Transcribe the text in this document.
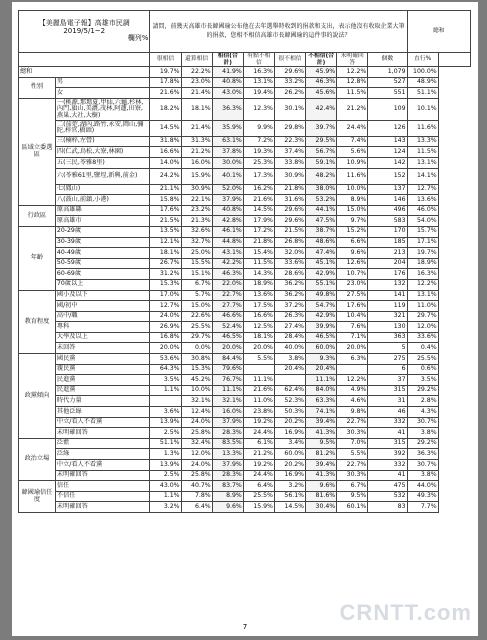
【美麗島電子報】高雄市民調
2019/5/1~2

欄列%		請問，前幾天高雄市長韓國瑜公布他在去年選舉時收到的捐款和支出，表示他沒有收取企業大筆的捐款，您相不相信高雄市長韓國瑜的這件事的說法？								總和	
		很相信	還算相信	相信(合計)	有點不相信	很不相信	不相信(合計)	未明確回答	個數	直行%	
總和		19.7%	22.2%	41.9%	16.3%	29.6%	45.9%	12.2%	1,079	100.0%	
性別	男	17.8%	23.0%	40.8%	13.1%	33.2%	46.3%	12.8%	527	48.9%	
	女	21.6%	21.4%	43.0%	19.4%	26.2%	45.6%	11.5%	551	51.1%	
區域立委選區	一(桃源,那瑪夏,甲仙,六龜,杉林,內門,旗山,美濃,茂林,阿蓮,田寮,燕巢,大社,大樹)	18.2%	18.1%	36.3%	12.3%	30.1%	42.4%	21.2%	109	10.1%	
	二(茄萣,湖內,路竹,永安,岡山,彌陀,梓官,橋頭)	14.5%	21.4%	35.9%	9.9%	29.8%	39.7%	24.4%	126	11.6%	
	三(楠梓,左營)	31.8%	31.3%	63.1%	7.2%	22.3%	29.5%	7.4%	143	13.3%	
	四(仁武,鳥松,大寮,林園)	16.6%	21.2%	37.8%	19.3%	37.4%	56.7%	5.6%	124	11.5%	
	五(三民,苓雅8里)	14.0%	16.0%	30.0%	25.3%	33.8%	59.1%	10.9%	142	13.1%	
	六(苓雅61里,鹽埕,新興,前金)	24.2%	15.9%	40.1%	17.3%	30.9%	48.2%	11.6%	152	14.1%	
	七(鳳山)	21.1%	30.9%	52.0%	16.2%	21.8%	38.0%	10.0%	137	12.7%	
	八(鼓山,前鎮,小港)	15.8%	22.1%	37.9%	21.6%	31.6%	53.2%	8.9%	146	13.6%	
行政區	原高雄縣	17.6%	23.2%	40.8%	14.5%	29.6%	44.1%	15.0%	496	46.0%	
	原高雄市	21.5%	21.3%	42.8%	17.9%	29.6%	47.5%	9.7%	583	54.0%	
年齡	20-29歲	13.5%	32.6%	46.1%	17.2%	21.5%	38.7%	15.2%	170	15.7%	
	30-39歲	12.1%	32.7%	44.8%	21.8%	26.8%	48.6%	6.6%	185	17.1%	
	40-49歲	18.1%	25.0%	43.1%	15.4%	32.0%	47.4%	9.6%	213	19.7%	
	50-59歲	26.7%	15.5%	42.2%	11.5%	33.6%	45.1%	12.6%	204	18.9%	
	60-69歲	31.2%	15.1%	46.3%	14.3%	28.6%	42.9%	10.7%	176	16.3%	
	70歲以上	15.3%	6.7%	22.0%	18.9%	36.2%	55.1%	23.0%	132	12.2%	
教育程度	國小及以下	17.0%	5.7%	22.7%	13.6%	36.2%	49.8%	27.5%	141	13.1%	
	國/初中	12.7%	15.0%	27.7%	17.5%	37.2%	54.7%	17.6%	119	11.0%	
	高中/職	24.0%	22.6%	46.6%	16.6%	26.3%	42.9%	10.4%	321	29.7%	
	專科	26.9%	25.5%	52.4%	12.5%	27.4%	39.9%	7.6%	130	12.0%	
	大學及以上	16.8%	29.7%	46.5%	18.1%	28.4%	46.5%	7.1%	363	33.6%	
	未回答	20.0%	0.0%	20.0%	20.0%	40.0%	60.0%	20.0%	5	0.4%	
政黨傾向	國民黨	53.6%	30.8%	84.4%	5.5%	3.8%	9.3%	6.3%	275	25.5%	
	親民黨	64.3%	15.3%	79.6%		20.4%	20.4%		6	0.6%	
	民進黨	3.5%	45.2%	76.7%	11.1%		11.1%	12.2%	37	3.5%	
	民進黨	1.1%	10.0%	11.1%	21.6%	62.4%	84.0%	4.9%	315	29.2%	
	時代力量		32.1%	32.1%	11.0%	52.3%	63.3%	4.6%	31	2.8%	
	其他泛綠	3.6%	12.4%	16.0%	23.8%	50.3%	74.1%	9.8%	46	4.3%	
	中立/看人不看黨	13.9%	24.0%	37.9%	19.2%	20.2%	39.4%	22.7%	332	30.7%	
	未明確回答	2.5%	25.8%	28.3%	24.4%	16.9%	41.3%	30.3%	41	3.8%	
政治立場	泛藍	51.1%	32.4%	83.5%	6.1%	3.4%	9.5%	7.0%	315	29.2%	
	泛綠	1.3%	12.0%	13.3%	21.2%	60.0%	81.2%	5.5%	392	36.3%	
	中立/看人不看黨	13.9%	24.0%	37.9%	19.2%	20.2%	39.4%	22.7%	332	30.7%	
	未明確回答	2.5%	25.8%	28.3%	24.4%	16.9%	41.3%	30.3%	41	3.8%	
韓國瑜信任度	信任	43.0%	40.7%	83.7%	6.4%	3.2%	9.6%	6.7%	475	44.0%	
	不信任	1.1%	7.8%	8.9%	25.5%	56.1%	81.6%	9.5%	532	49.3%	
	未明確回答	3.2%	6.4%	9.6%	15.9%	14.5%	30.4%	60.1%	83	7.7%	
7
CRNTT.com
